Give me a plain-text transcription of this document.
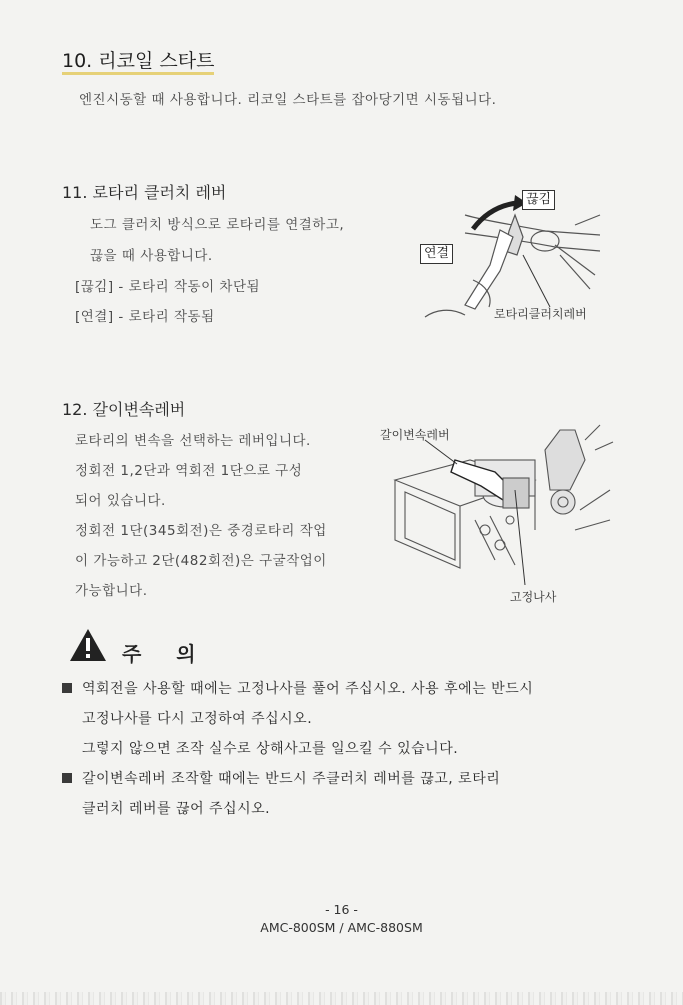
10. 리코일 스타트
엔진시동할 때 사용합니다. 리코일 스타트를 잡아당기면 시동됩니다.
11. 로타리 클러치 레버
도그 클러치 방식으로 로타리를 연결하고,
끊을 때 사용합니다.
[끊김] - 로타리 작동이 차단됨
[연결] - 로타리 작동됨
끊김
연결
로타리클러치레버
12. 갈이변속레버
로타리의 변속을 선택하는 레버입니다.
정회전 1,2단과 역회전 1단으로 구성
되어 있습니다.
정회전 1단(345회전)은 중경로타리 작업
이 가능하고 2단(482회전)은 구굴작업이
가능합니다.
갈이변속레버
고정나사
주 의
역회전을 사용할 때에는 고정나사를 풀어 주십시오. 사용 후에는 반드시
고정나사를 다시 고정하여 주십시오.
그렇지 않으면 조작 실수로 상해사고를 일으킬 수 있습니다.
갈이변속레버 조작할 때에는 반드시 주클러치 레버를 끊고, 로타리
클러치 레버를 끊어 주십시오.
- 16 -
AMC-800SM / AMC-880SM
